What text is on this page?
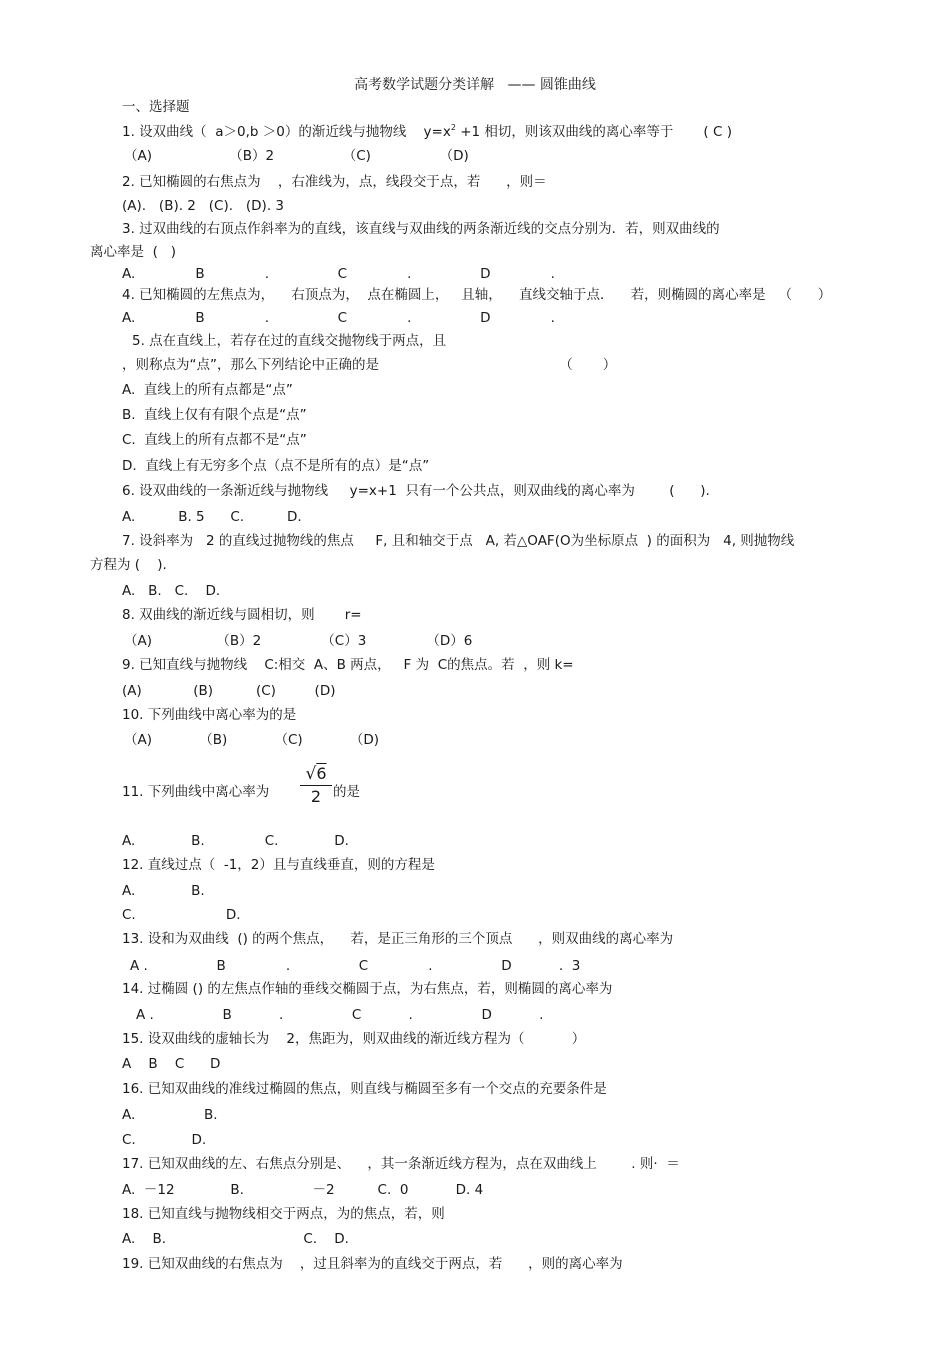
高考数学试题分类详解   —— 圆锥曲线
一、选择题
1. 设双曲线（  a＞0,b ＞0）的渐近线与抛物线    $y=x^2 +1$ 相切，则该双曲线的离心率等于       ( C )
（A)                  （B）2                （C)                （D)
2. 已知椭圆的右焦点为    ，右准线为，点，线段交于点，若      ，则＝
(A).   (B). 2   (C).   (D). 3
3. 过双曲线的右顶点作斜率为的直线，该直线与双曲线的两条渐近线的交点分别为．若，则双曲线的
离心率是  (   )
A.              B              .                C              .                D              .
4. 已知椭圆的左焦点为，    右顶点为，  点在椭圆上，   且轴，    直线交轴于点．    若，则椭圆的离心率是   （      ）
A.              B              .                C              .                D              .
5. 点在直线上，若存在过的直线交抛物线于两点，且
，则称点为“点”，那么下列结论中正确的是                                          （       ）
A.  直线上的所有点都是“点”
B.  直线上仅有有限个点是“点”
C.  直线上的所有点都不是“点”
D.  直线上有无穷多个点（点不是所有的点）是“点”
6. 设双曲线的一条渐近线与抛物线     y=x+1  只有一个公共点，则双曲线的离心率为        (      ).
A.          B. 5      C.          D.
7. 设斜率为   2 的直线过抛物线的焦点     F, 且和轴交于点   A, 若△OAF(O为坐标原点  ) 的面积为   4, 则抛物线
方程为 (    ).
A.   B.   C.    D.
8. 双曲线的渐近线与圆相切，则       r=
（A)               （B）2              （C）3              （D）6
9. 已知直线与抛物线    C:相交  A、B 两点，   F 为  C的焦点。若  ，则 k=
(A)            (B)          (C)         (D)
10. 下列曲线中离心率为的是
（A)           （B)           （C)           （D)
11. 下列曲线中离心率为 $\frac{√6}{2}$ 的是
A.             B.              C.             D.
12. 直线过点（  -1，2）且与直线垂直，则的方程是
A.             B.
C.                     D.
13. 设和为双曲线  () 的两个焦点，    若，是正三角形的三个顶点      ，则双曲线的离心率为
A .                B              .                C              .                D           .  3
14. 过椭圆 () 的左焦点作轴的垂线交椭圆于点，为右焦点，若，则椭圆的离心率为
A .                B           .                C           .                D           .
15. 设双曲线的虚轴长为    2，焦距为，则双曲线的渐近线方程为（           ）
A    B    C      D
16. 已知双曲线的准线过椭圆的焦点，则直线与椭圆至多有一个交点的充要条件是
A.                B.
C.             D.
17. 已知双曲线的左、右焦点分别是、    ，其一条渐近线方程为，点在双曲线上        . 则·  ＝
A.  －12             B.                －2          C.  0           D. 4
18. 已知直线与抛物线相交于两点，为的焦点，若，则
A.    B.                                C.    D.
19. 已知双曲线的右焦点为    ，过且斜率为的直线交于两点，若      ，则的离心率为
